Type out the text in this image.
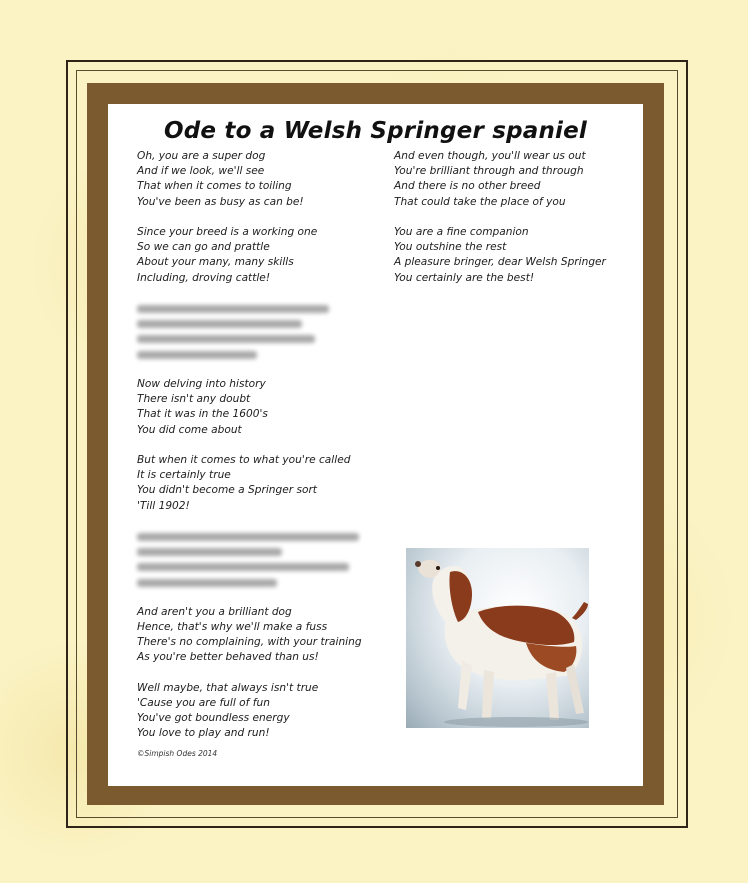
Ode to a Welsh Springer spaniel
Oh, you are a super dog
And if we look, we'll see
That when it comes to toiling
You've been as busy as can be!
Since your breed is a working one
So we can go and prattle
About your many, many skills
Including, droving cattle!
Now delving into history
There isn't any doubt
That it was in the 1600's
You did come about
But when it comes to what you're called
It is certainly true
You didn't become a Springer sort
'Till 1902!
And aren't you a brilliant dog
Hence, that's why we'll make a fuss
There's no complaining, with your training
As you're better behaved than us!
Well maybe, that always isn't true
'Cause you are full of fun
You've got boundless energy
You love to play and run!
©Simpish Odes 2014
And even though, you'll wear us out
You're brilliant through and through
And there is no other breed
That could take the place of you
You are a fine companion
You outshine the rest
A pleasure bringer, dear Welsh Springer
You certainly are the best!
